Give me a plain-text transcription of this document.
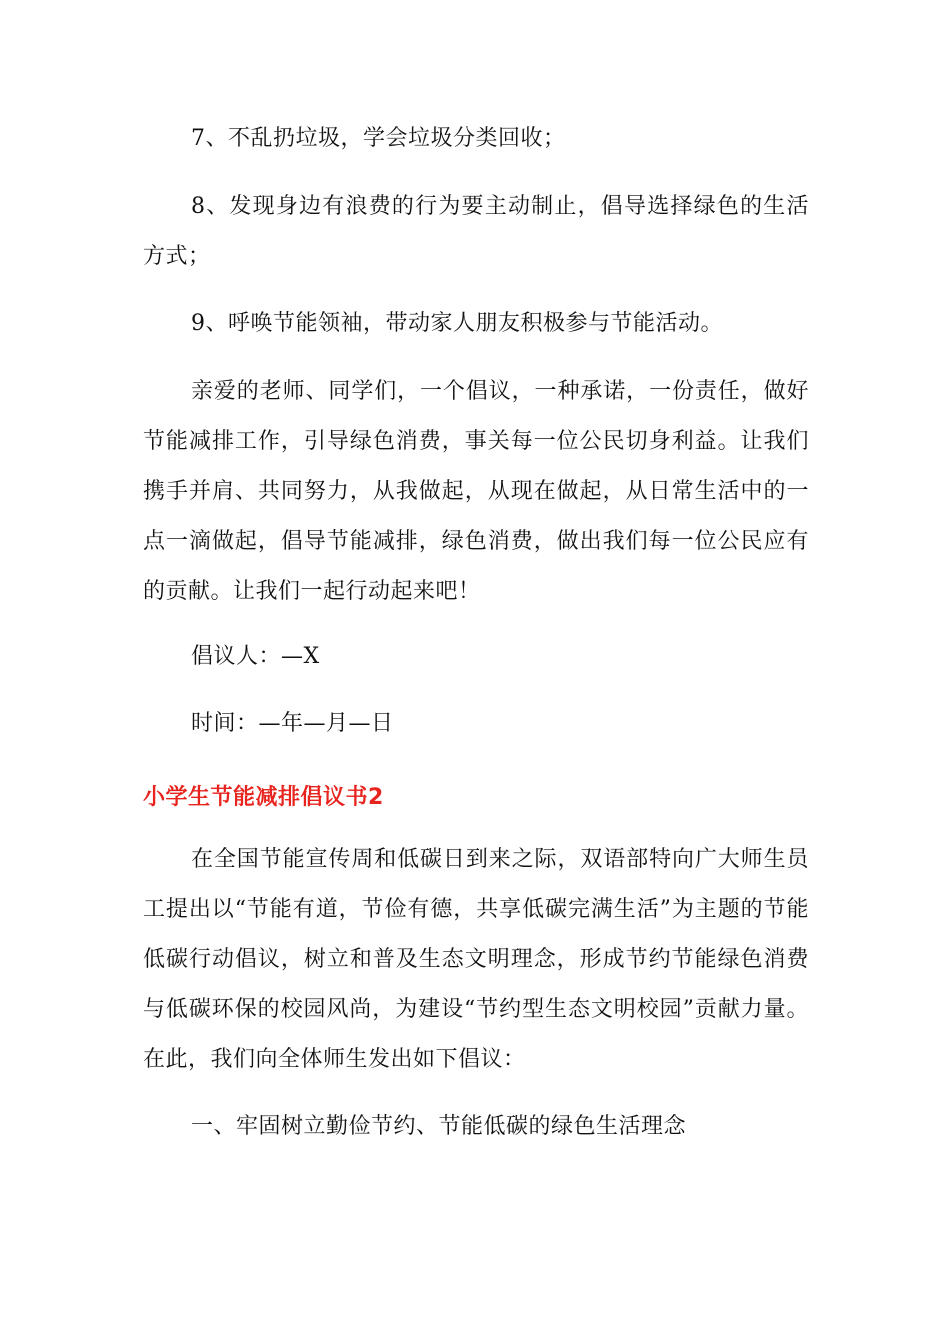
7、不乱扔垃圾，学会垃圾分类回收；

8、发现身边有浪费的行为要主动制止，倡导选择绿色的生活方式；

9、呼唤节能领袖，带动家人朋友积极参与节能活动。

亲爱的老师、同学们，一个倡议，一种承诺，一份责任，做好节能减排工作，引导绿色消费，事关每一位公民切身利益。让我们携手并肩、共同努力，从我做起，从现在做起，从日常生活中的一点一滴做起，倡导节能减排，绿色消费，做出我们每一位公民应有的贡献。让我们一起行动起来吧！

倡议人：—X

时间：—年—月—日

小学生节能减排倡议书2

在全国节能宣传周和低碳日到来之际，双语部特向广大师生员工提出以“节能有道，节俭有德，共享低碳完满生活”为主题的节能低碳行动倡议，树立和普及生态文明理念，形成节约节能绿色消费与低碳环保的校园风尚，为建设“节约型生态文明校园”贡献力量。在此，我们向全体师生发出如下倡议：

一、牢固树立勤俭节约、节能低碳的绿色生活理念
